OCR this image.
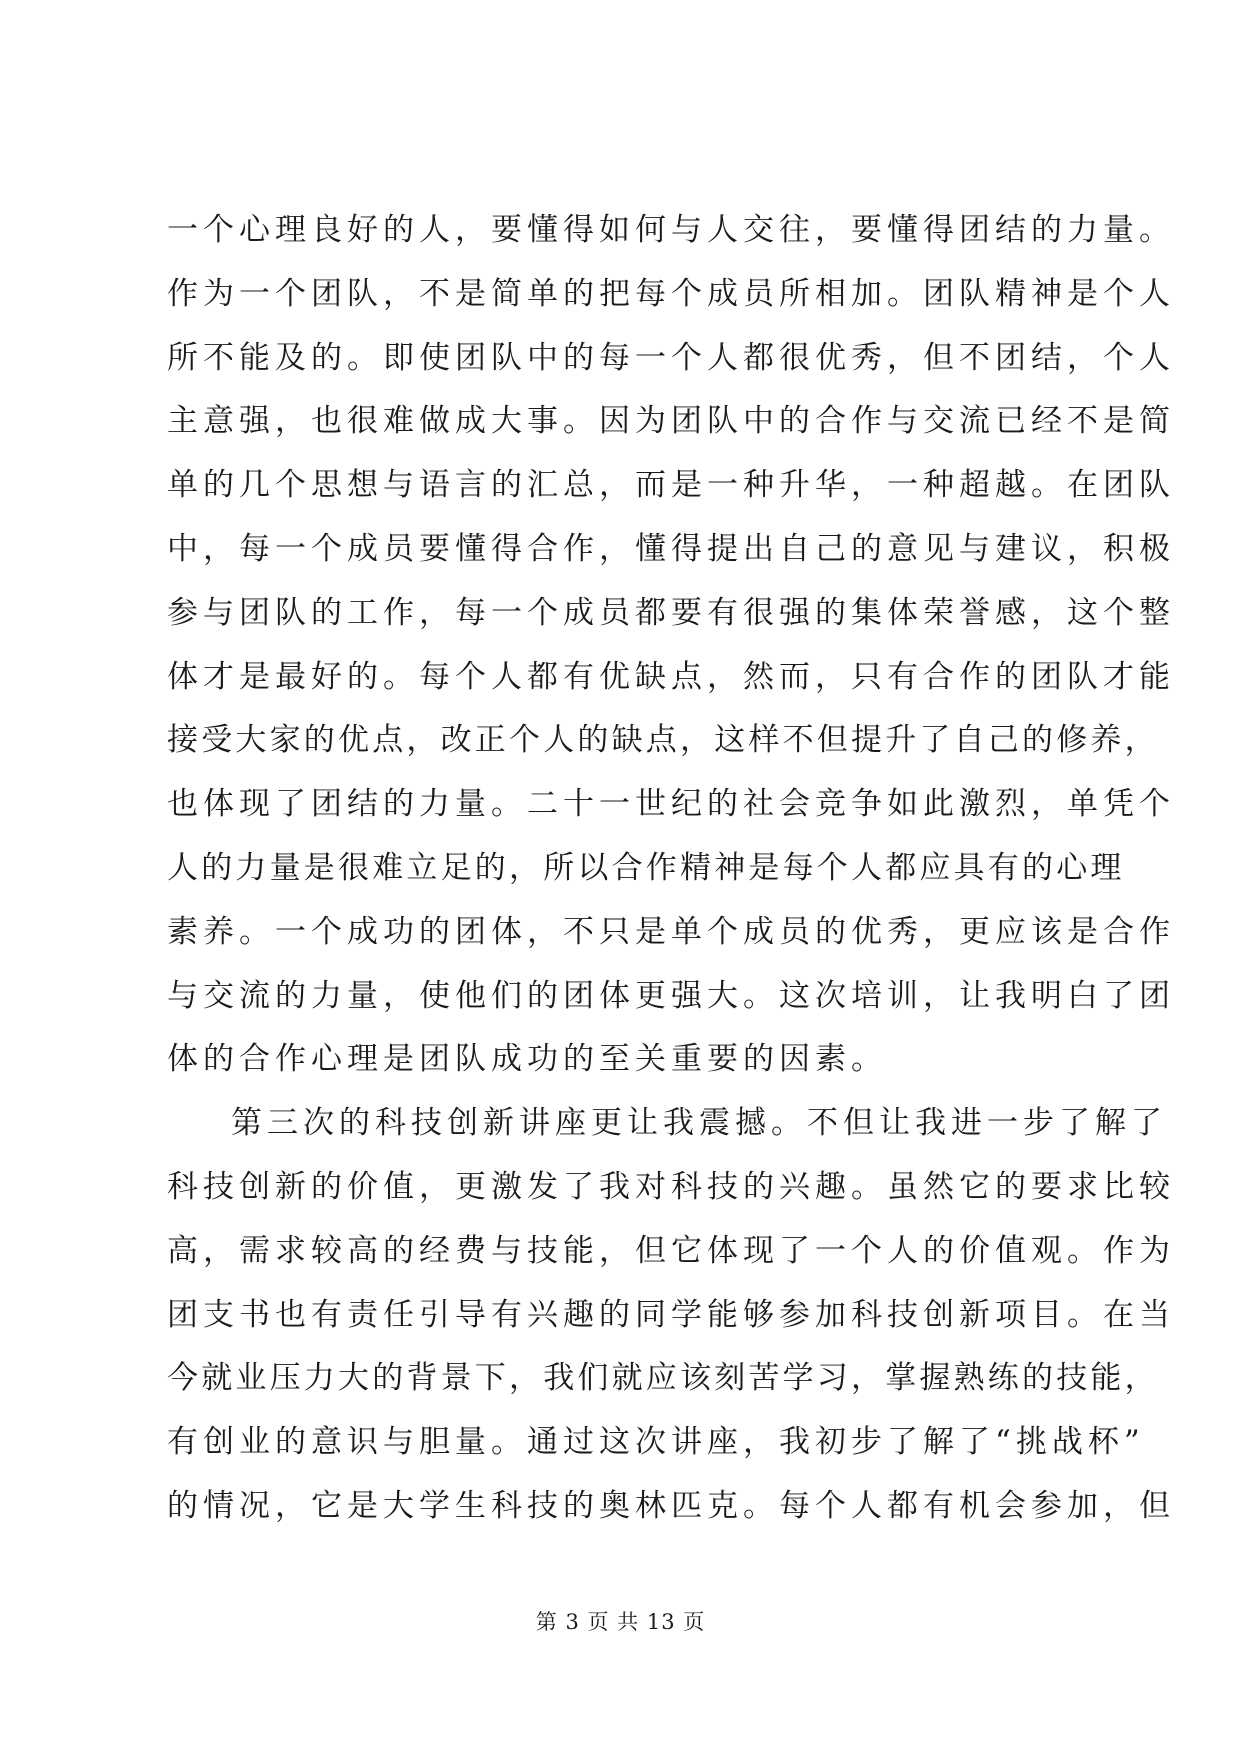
一个心理良好的人，要懂得如何与人交往，要懂得团结的力量。
作为一个团队，不是简单的把每个成员所相加。团队精神是个人
所不能及的。即使团队中的每一个人都很优秀，但不团结，个人
主意强，也很难做成大事。因为团队中的合作与交流已经不是简
单的几个思想与语言的汇总，而是一种升华，一种超越。在团队
中，每一个成员要懂得合作，懂得提出自己的意见与建议，积极
参与团队的工作，每一个成员都要有很强的集体荣誉感，这个整
体才是最好的。每个人都有优缺点，然而，只有合作的团队才能
接受大家的优点，改正个人的缺点，这样不但提升了自己的修养，
也体现了团结的力量。二十一世纪的社会竞争如此激烈，单凭个
人的力量是很难立足的，所以合作精神是每个人都应具有的心理
素养。一个成功的团体，不只是单个成员的优秀，更应该是合作
与交流的力量，使他们的团体更强大。这次培训，让我明白了团
体的合作心理是团队成功的至关重要的因素。
第三次的科技创新讲座更让我震撼。不但让我进一步了解了
科技创新的价值，更激发了我对科技的兴趣。虽然它的要求比较
高，需求较高的经费与技能，但它体现了一个人的价值观。作为
团支书也有责任引导有兴趣的同学能够参加科技创新项目。在当
今就业压力大的背景下，我们就应该刻苦学习，掌握熟练的技能，
有创业的意识与胆量。通过这次讲座，我初步了解了“挑战杯”
的情况，它是大学生科技的奥林匹克。每个人都有机会参加，但
第 3 页 共 13 页
